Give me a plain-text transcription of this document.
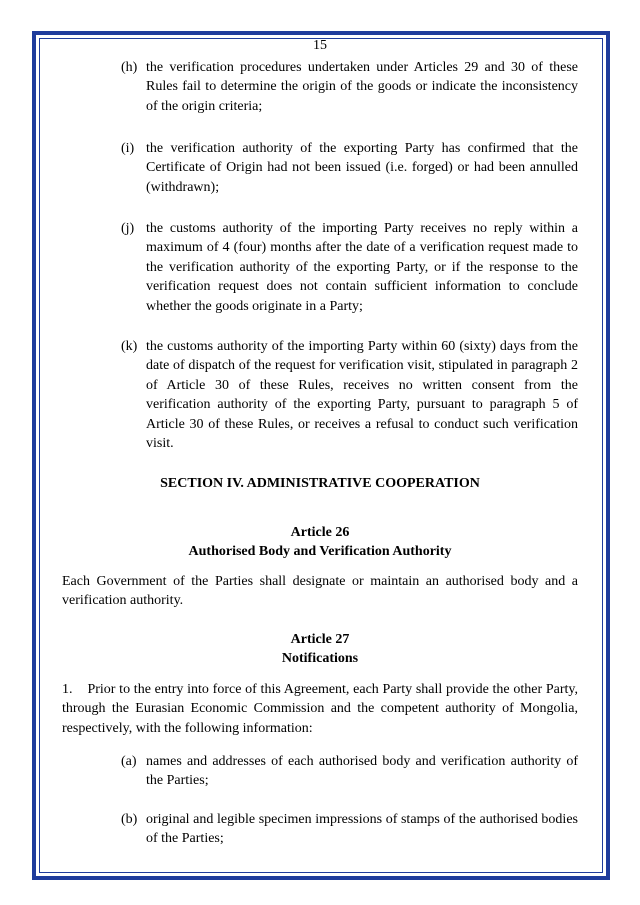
15
(h) the verification procedures undertaken under Articles 29 and 30 of these Rules fail to determine the origin of the goods or indicate the inconsistency of the origin criteria;
(i) the verification authority of the exporting Party has confirmed that the Certificate of Origin had not been issued (i.e. forged) or had been annulled (withdrawn);
(j) the customs authority of the importing Party receives no reply within a maximum of 4 (four) months after the date of a verification request made to the verification authority of the exporting Party, or if the response to the verification request does not contain sufficient information to conclude whether the goods originate in a Party;
(k) the customs authority of the importing Party within 60 (sixty) days from the date of dispatch of the request for verification visit, stipulated in paragraph 2 of Article 30 of these Rules, receives no written consent from the verification authority of the exporting Party, pursuant to paragraph 5 of Article 30 of these Rules, or receives a refusal to conduct such verification visit.
SECTION IV. ADMINISTRATIVE COOPERATION
Article 26
Authorised Body and Verification Authority
Each Government of the Parties shall designate or maintain an authorised body and a verification authority.
Article 27
Notifications
1.    Prior to the entry into force of this Agreement, each Party shall provide the other Party, through the Eurasian Economic Commission and the competent authority of Mongolia, respectively, with the following information:
(a) names and addresses of each authorised body and verification authority of the Parties;
(b) original and legible specimen impressions of stamps of the authorised bodies of the Parties;
